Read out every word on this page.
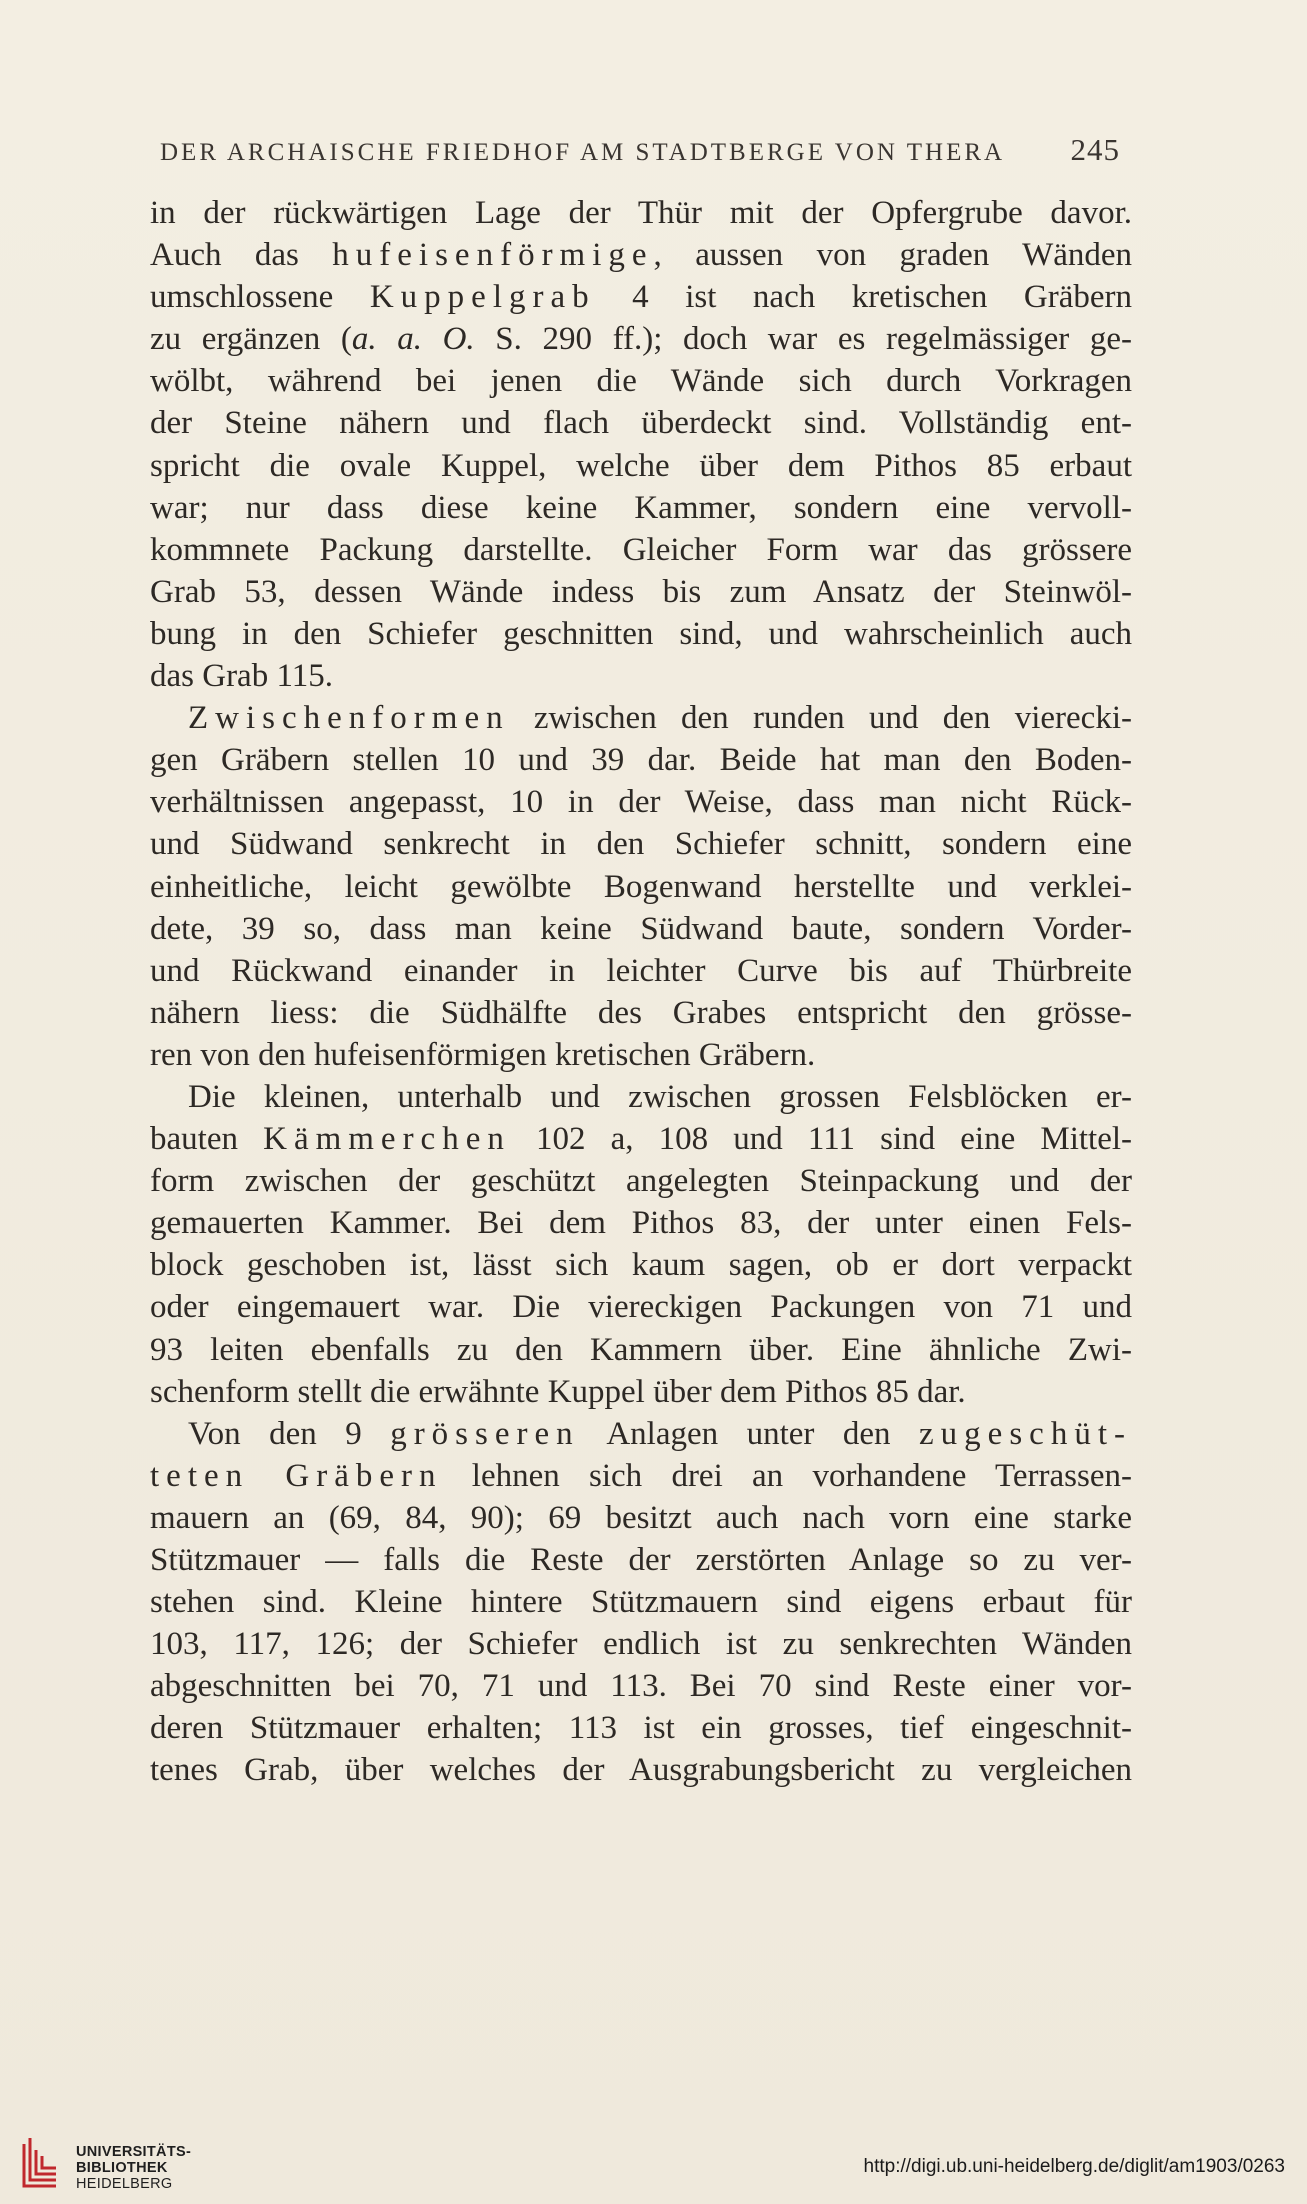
DER ARCHAISCHE FRIEDHOF AM STADTBERGE VON THERA 245
in der rückwärtigen Lage der Thür mit der Opfergrube davor.
Auch das hufeisenförmige, aussen von graden Wänden
umschlossene Kuppelgrab 4 ist nach kretischen Gräbern
zu ergänzen (a. a. O. S. 290 ff.); doch war es regelmässiger ge-
wölbt, während bei jenen die Wände sich durch Vorkragen
der Steine nähern und flach überdeckt sind. Vollständig ent-
spricht die ovale Kuppel, welche über dem Pithos 85 erbaut
war; nur dass diese keine Kammer, sondern eine vervoll-
kommnete Packung darstellte. Gleicher Form war das grössere
Grab 53, dessen Wände indess bis zum Ansatz der Steinwöl-
bung in den Schiefer geschnitten sind, und wahrscheinlich auch
das Grab 115.
Zwischenformen zwischen den runden und den vierecki-
gen Gräbern stellen 10 und 39 dar. Beide hat man den Boden-
verhältnissen angepasst, 10 in der Weise, dass man nicht Rück-
und Südwand senkrecht in den Schiefer schnitt, sondern eine
einheitliche, leicht gewölbte Bogenwand herstellte und verklei-
dete, 39 so, dass man keine Südwand baute, sondern Vorder-
und Rückwand einander in leichter Curve bis auf Thürbreite
nähern liess: die Südhälfte des Grabes entspricht den grösse-
ren von den hufeisenförmigen kretischen Gräbern.
Die kleinen, unterhalb und zwischen grossen Felsblöcken er-
bauten Kämmerchen 102 a, 108 und 111 sind eine Mittel-
form zwischen der geschützt angelegten Steinpackung und der
gemauerten Kammer. Bei dem Pithos 83, der unter einen Fels-
block geschoben ist, lässt sich kaum sagen, ob er dort verpackt
oder eingemauert war. Die viereckigen Packungen von 71 und
93 leiten ebenfalls zu den Kammern über. Eine ähnliche Zwi-
schenform stellt die erwähnte Kuppel über dem Pithos 85 dar.
Von den 9 grösseren Anlagen unter den zugeschüt-
teten Gräbern lehnen sich drei an vorhandene Terrassen-
mauern an (69, 84, 90); 69 besitzt auch nach vorn eine starke
Stützmauer — falls die Reste der zerstörten Anlage so zu ver-
stehen sind. Kleine hintere Stützmauern sind eigens erbaut für
103, 117, 126; der Schiefer endlich ist zu senkrechten Wänden
abgeschnitten bei 70, 71 und 113. Bei 70 sind Reste einer vor-
deren Stützmauer erhalten; 113 ist ein grosses, tief eingeschnit-
tenes Grab, über welches der Ausgrabungsbericht zu vergleichen
UNIVERSITÄTS-
BIBLIOTHEK
HEIDELBERG
http://digi.ub.uni-heidelberg.de/diglit/am1903/0263
